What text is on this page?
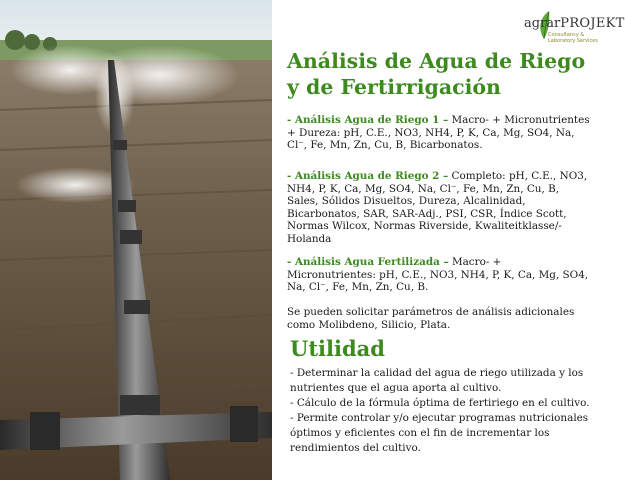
agrarPROJEKT
Consultancy &
Laboratory Services
Análisis de Agua de Riego y de Fertirrigación
- Análisis Agua de Riego 1 – Macro- + Micronutrientes + Dureza: pH, C.E., NO3, NH4, P, K, Ca, Mg, SO4, Na, Cl⁻, Fe, Mn, Zn, Cu, B, Bicarbonatos.
- Análisis Agua de Riego 2 – Completo: pH, C.E., NO3, NH4, P, K, Ca, Mg, SO4, Na, Cl⁻, Fe, Mn, Zn, Cu, B, Sales, Sólidos Disueltos, Dureza, Alcalinidad, Bicarbonatos, SAR, SAR-Adj., PSI, CSR, Índice Scott, Normas Wilcox, Normas Riverside, Kwaliteitklasse/-Holanda
- Análisis Agua Fertilizada – Macro- + Micronutrientes: pH, C.E., NO3, NH4, P, K, Ca, Mg, SO4, Na, Cl⁻, Fe, Mn, Zn, Cu, B.
Se pueden solicitar parámetros de análisis adicionales como Molibdeno, Silicio, Plata.
Utilidad
- Determinar la calidad del agua de riego utilizada y los nutrientes que el agua aporta al cultivo.
- Cálculo de la fórmula óptima de fertiriego en el cultivo.
- Permite controlar y/o ejecutar programas nutricionales óptimos y eficientes con el fin de incrementar los rendimientos del cultivo.
